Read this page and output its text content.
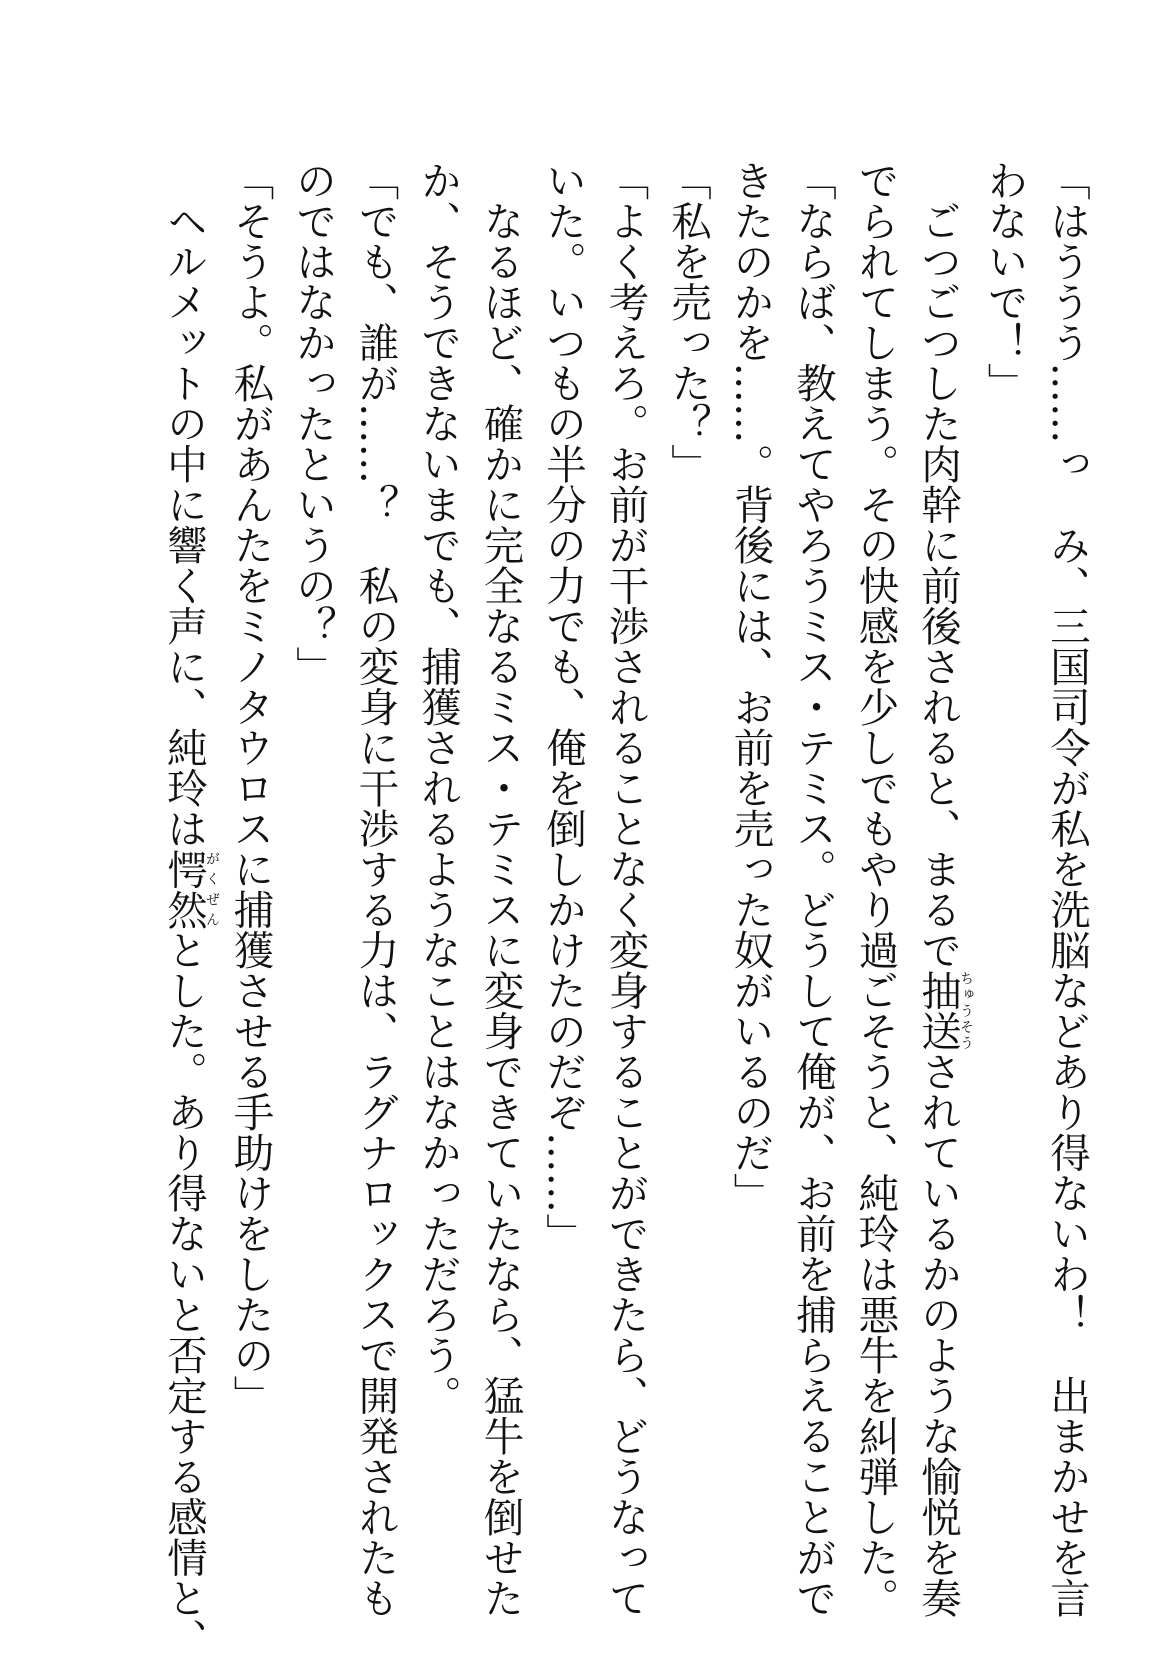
「はううう……っ　み、三国司令が私を洗脳などあり得ないわ！　出まかせを言
わないで！」
　ごつごつした肉幹に前後されると、まるで抽送ちゅうそうされているかのような愉悦を奏
でられてしまう。その快感を少しでもやり過ごそうと、純玲は悪牛を糾弾した。
「ならば、教えてやろうミス・テミス。どうして俺が、お前を捕らえることがで
きたのかを……。背後には、お前を売った奴がいるのだ」
「私を売った？」
「よく考えろ。お前が干渉されることなく変身することができたら、どうなって
いた。いつもの半分の力でも、俺を倒しかけたのだぞ……」
　なるほど、確かに完全なるミス・テミスに変身できていたなら、猛牛を倒せた
か、そうできないまでも、捕獲されるようなことはなかっただろう。
「でも、誰が……？　私の変身に干渉する力は、ラグナロックスで開発されたも
のではなかったというの？」
「そうよ。私があんたをミノタウロスに捕獲させる手助けをしたの」
　ヘルメットの中に響く声に、純玲は愕然がくぜんとした。あり得ないと否定する感情と、
